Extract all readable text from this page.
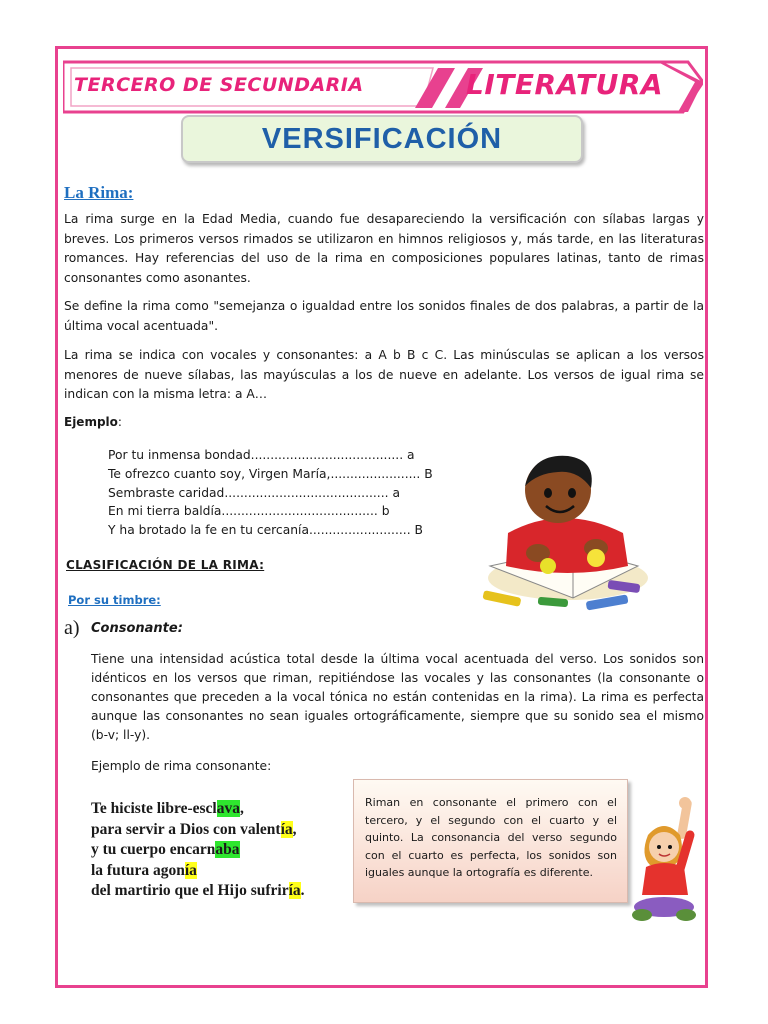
TERCERO DE SECUNDARIA	LITERATURA
VERSIFICACIÓN
La Rima:

La rima surge en la Edad Media, cuando fue desapareciendo la versificación con sílabas largas y breves. Los primeros versos rimados se utilizaron en himnos religiosos y, más tarde, en las literaturas romances. Hay referencias del uso de la rima en composiciones populares latinas, tanto de rimas consonantes como asonantes.

Se define la rima como "semejanza o igualdad entre los sonidos finales de dos palabras, a partir de la última vocal acentuada".

La rima se indica con vocales y consonantes: a A b B c C. Las minúsculas se aplican a los versos menores de nueve sílabas, las mayúsculas a los de nueve en adelante. Los versos de igual rima se indican con la misma letra: a A…

Ejemplo:
Por tu inmensa bondad....................................... a
Te ofrezco cuanto soy, Virgen María,....................... B
Sembraste caridad.......................................... a
En mi tierra baldía........................................ b
Y ha brotado la fe en tu cercanía.......................... B
CLASIFICACIÓN DE LA RIMA:
Por su timbre:
a) Consonante:

Tiene una intensidad acústica total desde la última vocal acentuada del verso. Los sonidos son idénticos en los versos que riman, repitiéndose las vocales y las consonantes (la consonante o consonantes que preceden a la vocal tónica no están contenidas en la rima). La rima es perfecta aunque las consonantes no sean iguales ortográficamente, siempre que su sonido sea el mismo (b-v; ll-y).

Ejemplo de rima consonante:

Te hiciste libre-esclava,
para servir a Dios con valentía,
y tu cuerpo encarnaba
la futura agonía
del martirio que el Hijo sufriría.
Riman en consonante el primero con el tercero, y el segundo con el cuarto y el quinto. La consonancia del verso segundo con el cuarto es perfecta, los sonidos son iguales aunque la ortografía es diferente.
